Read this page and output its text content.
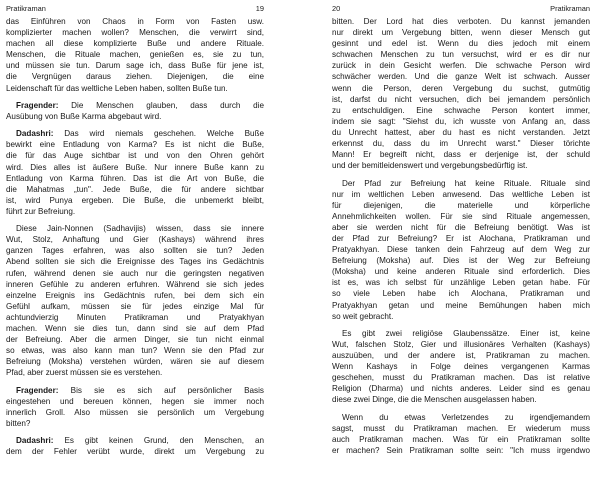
Pratikraman	19
das Einführen von Chaos in Form von Fasten usw.
komplizierter machen wollen? Menschen, die verwirrt sind,
machen all diese komplizierte Buße und andere Rituale.
Menschen, die Rituale machen, genießen es, sie zu tun,
und müssen sie tun. Darum sage ich, dass Buße für jene ist,
die Vergnügen daraus ziehen. Diejenigen, die eine
Leidenschaft für das weltliche Leben haben, sollten Buße tun.
Fragender: Die Menschen glauben, dass durch die
Ausübung von Buße Karma abgebaut wird.
Dadashri: Das wird niemals geschehen. Welche Buße
bewirkt eine Entladung von Karma? Es ist nicht die Buße,
die für das Auge sichtbar ist und von den Ohren gehört
wird. Dies alles ist äußere Buße. Nur innere Buße kann zu
Entladung von Karma führen. Das ist die Art von Buße, die
die Mahatmas „tun". Jede Buße, die für andere sichtbar
ist, wird Punya ergeben. Die Buße, die unbemerkt bleibt,
führt zur Befreiung.
Diese Jain-Nonnen (Sadhavijis) wissen, dass sie innere
Wut, Stolz, Anhaftung und Gier (Kashays) während ihres
ganzen Tages erfahren, was also sollten sie tun? Jeden
Abend sollten sie sich die Ereignisse des Tages ins Gedächtnis
rufen, während denen sie auch nur die geringsten negativen
inneren Gefühle zu anderen erfuhren. Während sie sich jedes
einzelne Ereignis ins Gedächtnis rufen, bei dem sich ein
Gefühl aufkam, müssen sie für jedes einzige Mal für
achtundvierzig Minuten Pratikraman und Pratyakhyan
machen. Wenn sie dies tun, dann sind sie auf dem Pfad
der Befreiung. Aber die armen Dinger, sie tun nicht einmal
so etwas, was also kann man tun? Wenn sie den Pfad zur
Befreiung (Moksha) verstehen würden, wären sie auf diesem
Pfad, aber zuerst müssen sie es verstehen.
Fragender: Bis sie es sich auf persönlicher Basis
eingestehen und bereuen können, hegen sie immer noch
innerlich Groll. Also müssen sie persönlich um Vergebung
bitten?
Dadashri: Es gibt keinen Grund, den Menschen, an
dem der Fehler verübt wurde, direkt um Vergebung zu
20	Pratikraman
bitten. Der Lord hat dies verboten. Du kannst jemanden
nur direkt um Vergebung bitten, wenn dieser Mensch gut
gesinnt und edel ist. Wenn du dies jedoch mit einem
schwachen Menschen zu tun versuchst, wird er es dir nur
zurück in dein Gesicht werfen. Die schwache Person wird
schwächer werden. Und die ganze Welt ist schwach. Ausser
wenn die Person, deren Vergebung du suchst, gutmütig
ist, darfst du nicht versuchen, dich bei jemandem persönlich
zu entschuldigen. Eine schwache Person kontert immer,
indem sie sagt: "Siehst du, ich wusste von Anfang an, dass
du Unrecht hattest, aber du hast es nicht verstanden. Jetzt
erkennst du, dass du im Unrecht warst." Dieser törichte
Mann! Er begreift nicht, dass er derjenige ist, der schuld
und der bemitleidenswert und vergebungsbedürftig ist.
Der Pfad zur Befreiung hat keine Rituale. Rituale sind
nur im weltlichen Leben anwesend. Das weltliche Leben ist
für diejenigen, die materielle und körperliche
Annehmlichkeiten wollen. Für sie sind Rituale angemessen,
aber sie werden nicht für die Befreiung benötigt. Was ist
der Pfad zur Befreiung? Er ist Alochana, Pratikraman und
Pratyakhyan. Diese tanken dein Fahrzeug auf dem Weg zur
Befreiung (Moksha) auf. Dies ist der Weg zur Befreiung
(Moksha) und keine anderen Rituale sind erforderlich. Dies
ist es, was ich selbst für unzählige Leben getan habe. Für
so viele Leben habe ich Alochana, Pratikraman und
Pratyakhyan getan und meine Bemühungen haben mich
so weit gebracht.
Es gibt zwei religiöse Glaubenssätze. Einer ist, keine
Wut, falschen Stolz, Gier und illusionäres Verhalten (Kashays)
auszuüben, und der andere ist, Pratikraman zu machen.
Wenn Kashays in Folge deines vergangenen Karmas
geschehen, musst du Pratikraman machen. Das ist relative
Religion (Dharma) und nichts anderes. Leider sind es genau
diese zwei Dinge, die die Menschen ausgelassen haben.
Wenn du etwas Verletzendes zu irgendjemandem
sagst, musst du Pratikraman machen. Er wiederum muss
auch Pratikraman machen. Was für ein Pratikraman sollte
er machen? Sein Pratikraman sollte sein: "Ich muss irgendwo
